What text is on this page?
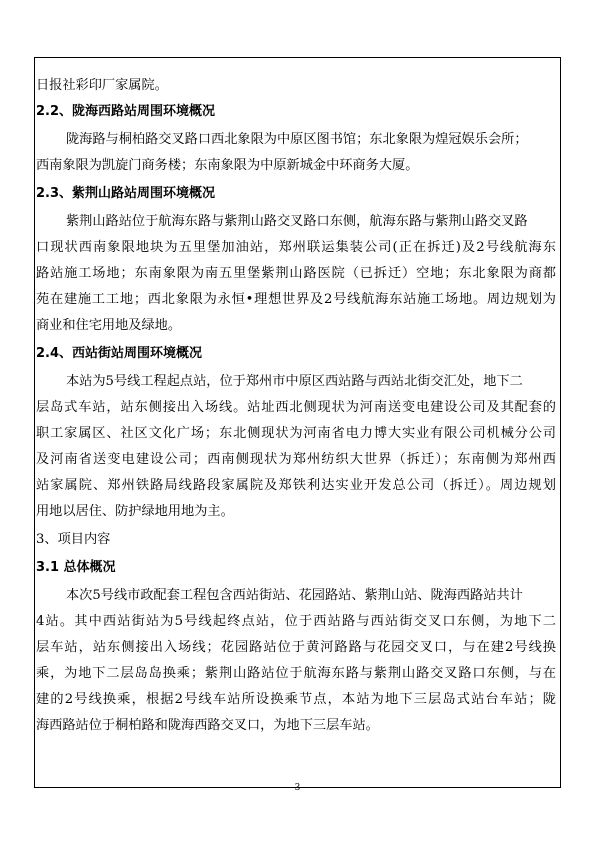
日报社彩印厂家属院。
2.2、陇海西路站周围环境概况
陇海路与桐柏路交叉路口西北象限为中原区图书馆；东北象限为煌冠娱乐会所；
西南象限为凯旋门商务楼；东南象限为中原新城金中环商务大厦。
2.3、紫荆山路站周围环境概况
紫荆山路站位于航海东路与紫荆山路交叉路口东侧，航海东路与紫荆山路交叉路
口现状西南象限地块为五里堡加油站，郑州联运集装公司(正在拆迁)及2号线航海东
路站施工场地；东南象限为南五里堡紫荆山路医院（已拆迁）空地；东北象限为商都
苑在建施工工地；西北象限为永恒•理想世界及2号线航海东站施工场地。周边规划为
商业和住宅用地及绿地。
2.4、西站街站周围环境概况
本站为5号线工程起点站，位于郑州市中原区西站路与西站北街交汇处，地下二
层岛式车站，站东侧接出入场线。站址西北侧现状为河南送变电建设公司及其配套的
职工家属区、社区文化广场；东北侧现状为河南省电力博大实业有限公司机械分公司
及河南省送变电建设公司；西南侧现状为郑州纺织大世界（拆迁）；东南侧为郑州西
站家属院、郑州铁路局线路段家属院及郑铁利达实业开发总公司（拆迁）。周边规划
用地以居住、防护绿地用地为主。
3、项目内容
3.1 总体概况
本次5号线市政配套工程包含西站街站、花园路站、紫荆山站、陇海西路站共计
4站。其中西站街站为5号线起终点站，位于西站路与西站街交叉口东侧，为地下二
层车站，站东侧接出入场线；花园路站位于黄河路路与花园交叉口，与在建2号线换
乘，为地下二层岛岛换乘；紫荆山路站位于航海东路与紫荆山路交叉路口东侧，与在
建的2号线换乘，根据2号线车站所设换乘节点，本站为地下三层岛式站台车站；陇
海西路站位于桐柏路和陇海西路交叉口，为地下三层车站。
— 3 —
